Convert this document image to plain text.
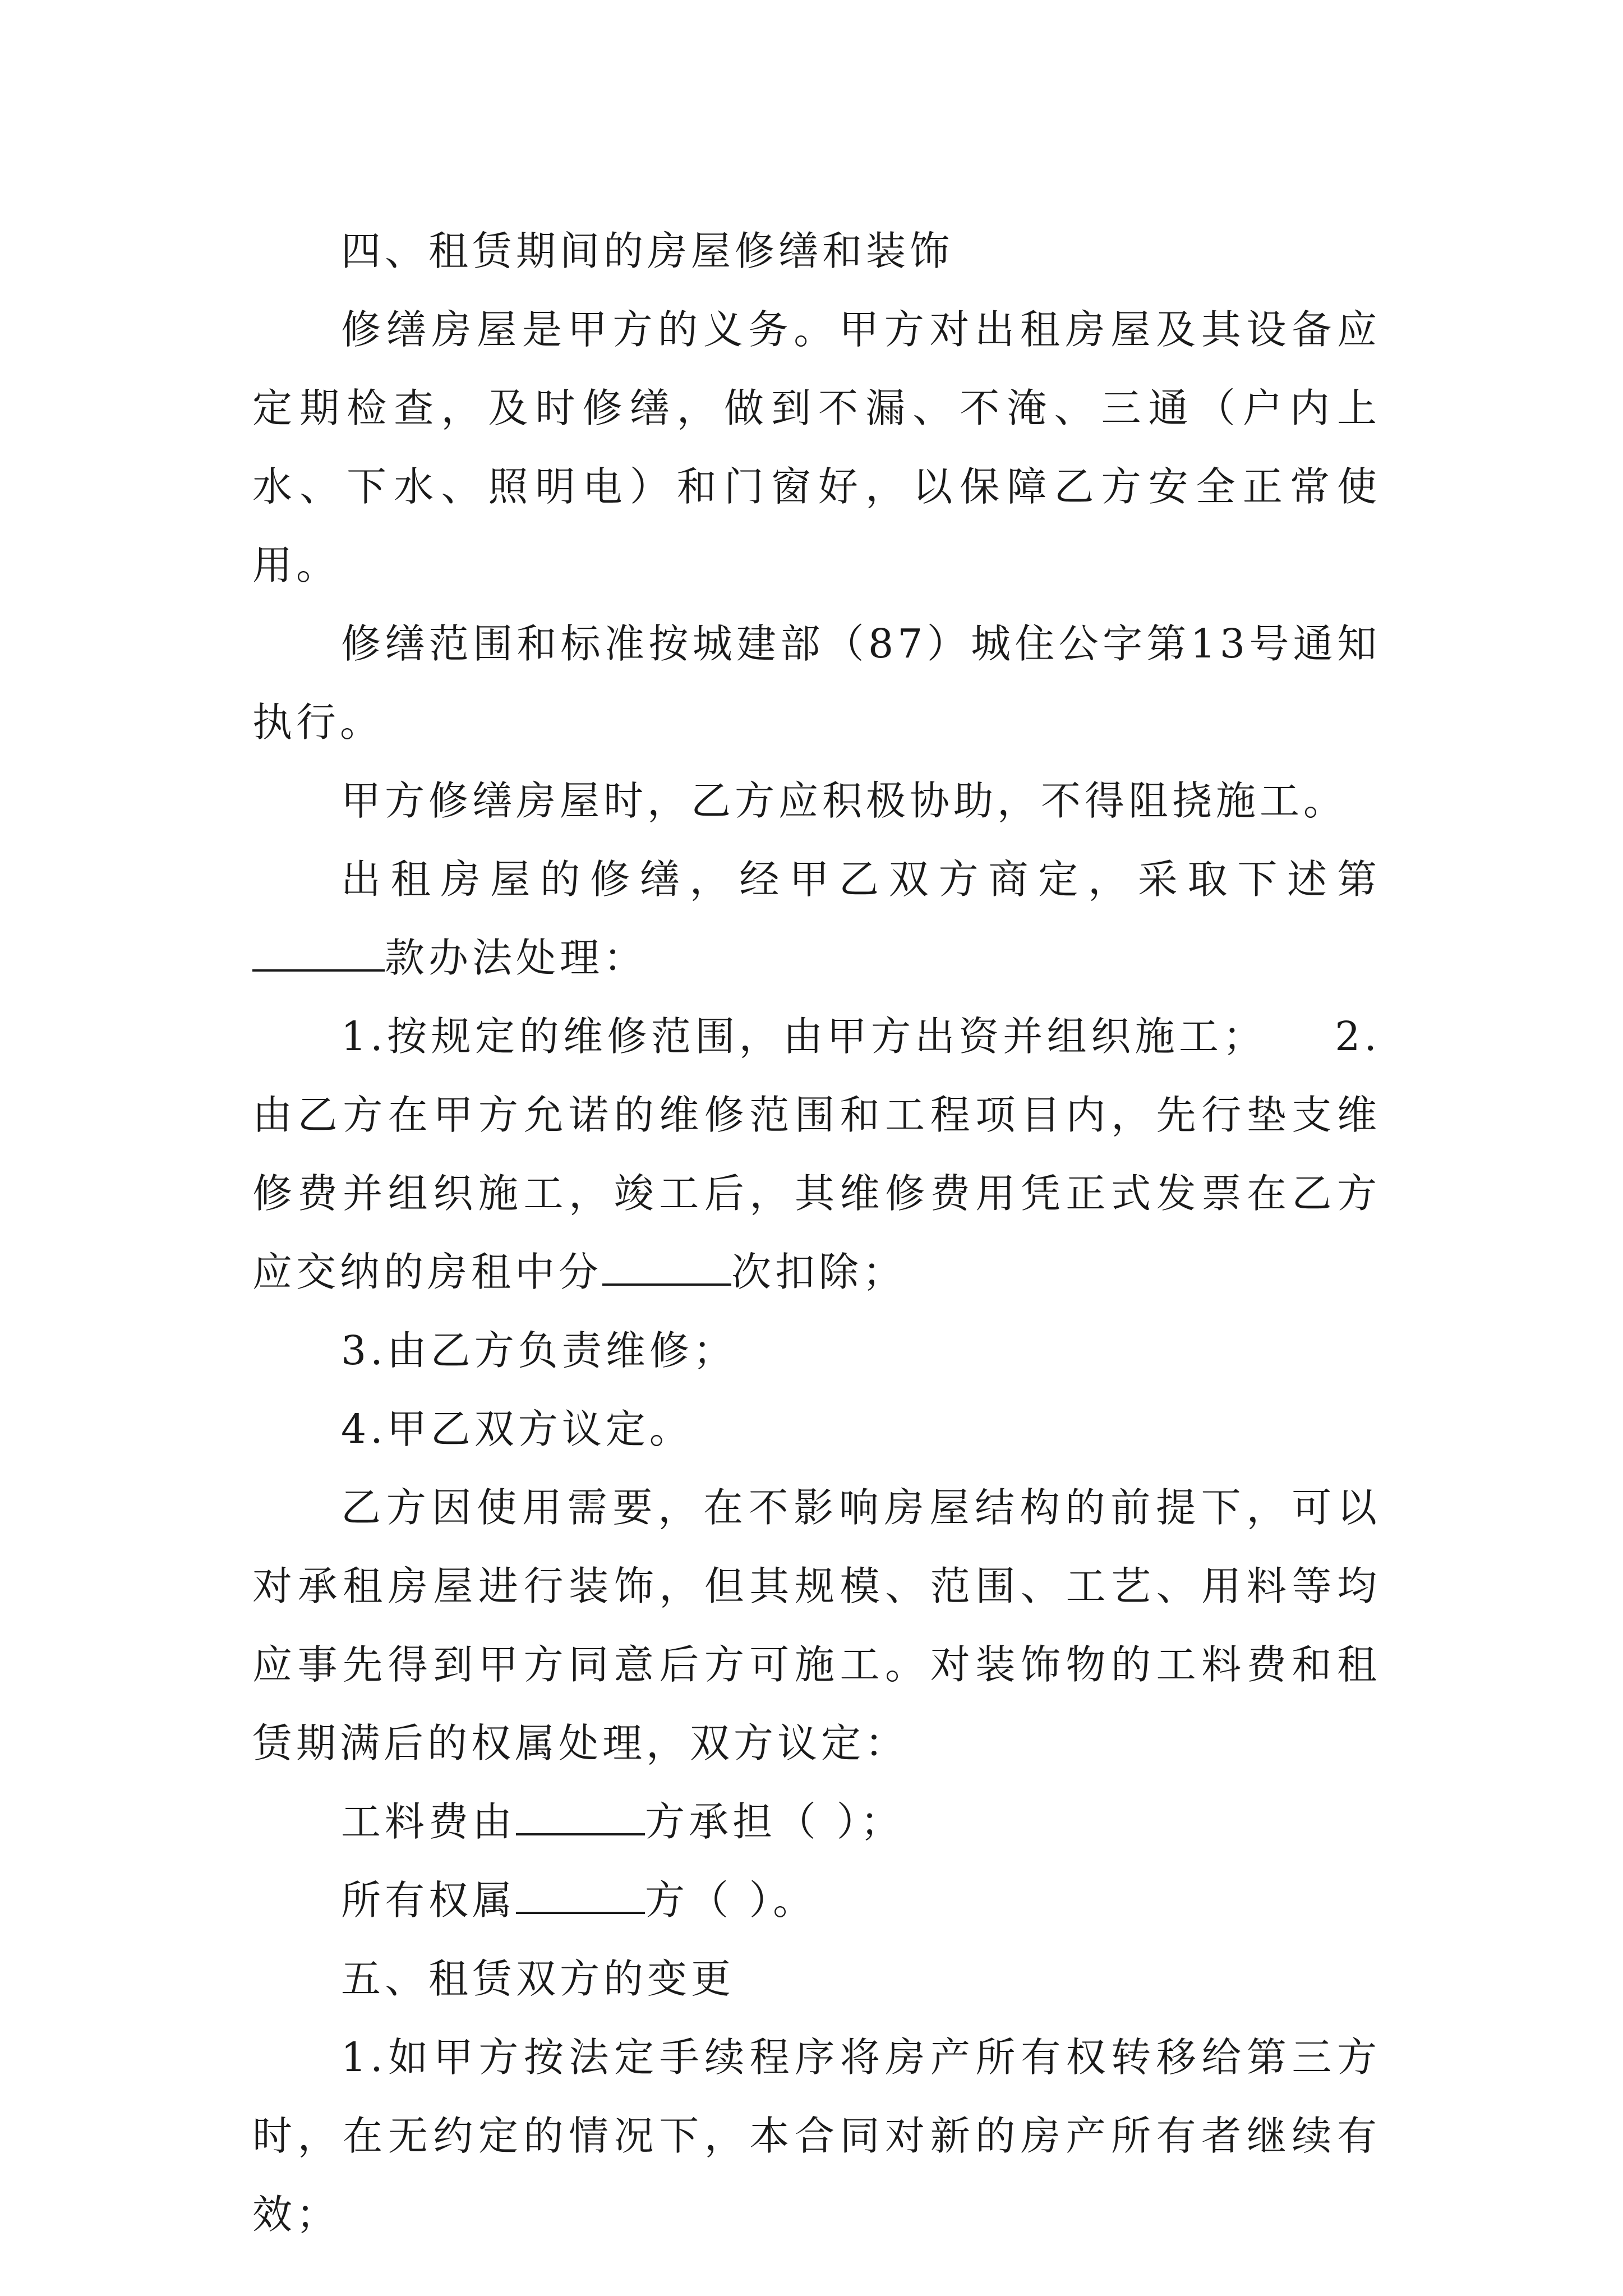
四、租赁期间的房屋修缮和装饰

修缮房屋是甲方的义务。甲方对出租房屋及其设备应定期检查，及时修缮，做到不漏、不淹、三通（户内上水、下水、照明电）和门窗好，以保障乙方安全正常使用。

修缮范围和标准按城建部（87）城住公字第13号通知执行。

甲方修缮房屋时，乙方应积极协助，不得阻挠施工。

出租房屋的修缮，经甲乙双方商定，采取下述第款办法处理：

1.按规定的维修范围，由甲方出资并组织施工；　　2.由乙方在甲方允诺的维修范围和工程项目内，先行垫支维修费并组织施工，竣工后，其维修费用凭正式发票在乙方应交纳的房租中分	次扣除；

3.由乙方负责维修；

4.甲乙双方议定。

乙方因使用需要，在不影响房屋结构的前提下，可以对承租房屋进行装饰，但其规模、范围、工艺、用料等均应事先得到甲方同意后方可施工。对装饰物的工料费和租赁期满后的权属处理，双方议定：

工料费由	方承担（ ）；

所有权属	方（ ）。

五、租赁双方的变更

1.如甲方按法定手续程序将房产所有权转移给第三方时，在无约定的情况下，本合同对新的房产所有者继续有效；
